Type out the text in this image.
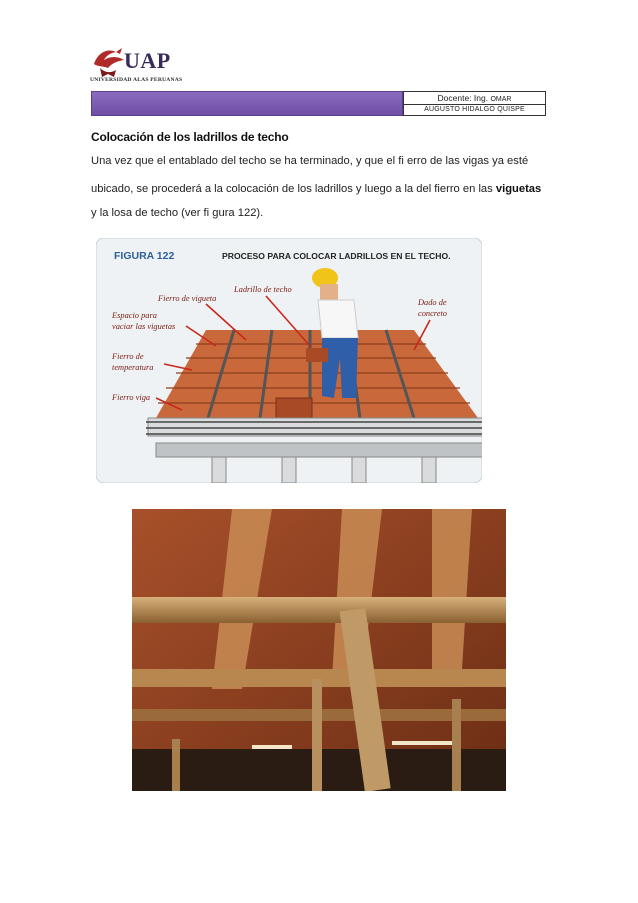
UAP
UNIVERSIDAD ALAS PERUANAS
Docente: Ing. OMAR
AUGUSTO HIDALGO QUISPE
Colocación de los ladrillos de techo
Una vez que el entablado del techo se ha terminado, y que el fi erro de las vigas ya esté
ubicado, se procederá a la colocación de los ladrillos y luego a la del fierro en las viguetas
y la losa de techo (ver fi gura 122).
FIGURA 122	PROCESO PARA COLOCAR LADRILLOS EN EL TECHO.
Ladrillo de techo
Fierro de vigueta
Espacio para
vaciar las viguetas
Fierro de
temperatura
Fierro viga
Dado de
concreto
